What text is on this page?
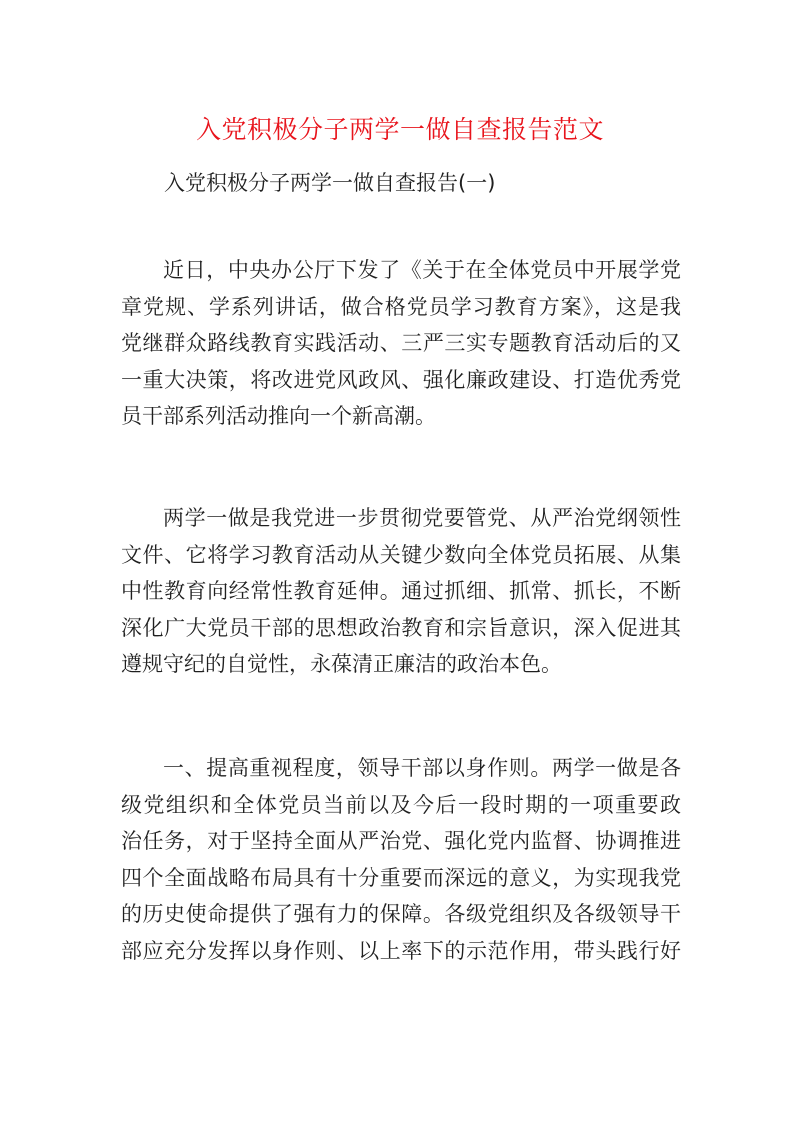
入党积极分子两学一做自查报告范文
入党积极分子两学一做自查报告(一)
近日，中央办公厅下发了《关于在全体党员中开展学党
章党规、学系列讲话，做合格党员学习教育方案》，这是我
党继群众路线教育实践活动、三严三实专题教育活动后的又
一重大决策，将改进党风政风、强化廉政建设、打造优秀党
员干部系列活动推向一个新高潮。
两学一做是我党进一步贯彻党要管党、从严治党纲领性
文件、它将学习教育活动从关键少数向全体党员拓展、从集
中性教育向经常性教育延伸。通过抓细、抓常、抓长，不断
深化广大党员干部的思想政治教育和宗旨意识，深入促进其
遵规守纪的自觉性，永葆清正廉洁的政治本色。
一、提高重视程度，领导干部以身作则。两学一做是各
级党组织和全体党员当前以及今后一段时期的一项重要政
治任务，对于坚持全面从严治党、强化党内监督、协调推进
四个全面战略布局具有十分重要而深远的意义，为实现我党
的历史使命提供了强有力的保障。各级党组织及各级领导干
部应充分发挥以身作则、以上率下的示范作用，带头践行好
